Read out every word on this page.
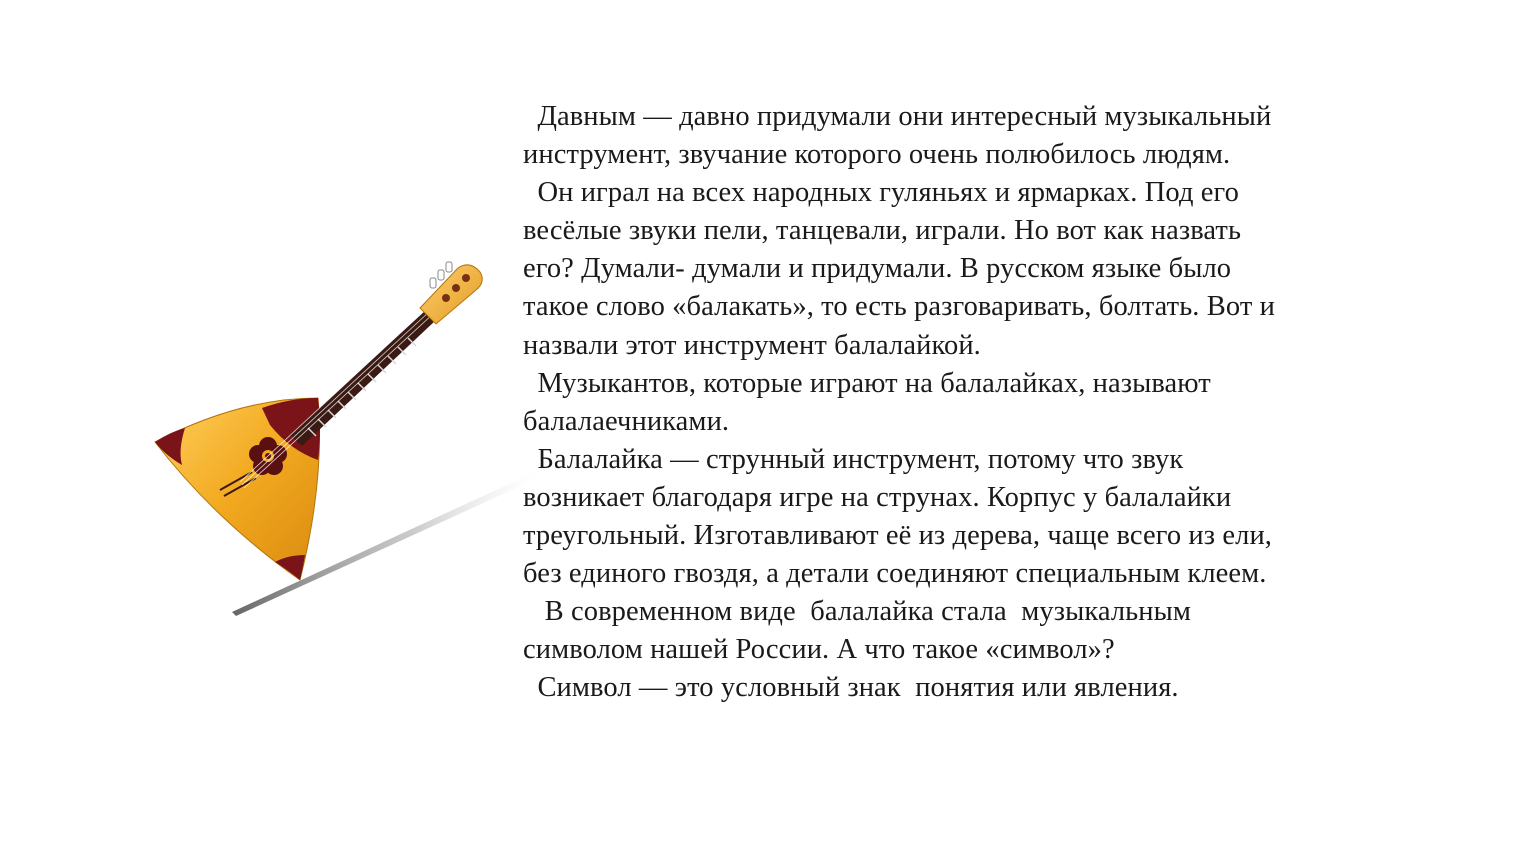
Давным — давно придумали они интересный музыкальный
инструмент, звучание которого очень полюбилось людям.
Он играл на всех народных гуляньях и ярмарках. Под его
весёлые звуки пели, танцевали, играли. Но вот как назвать
его? Думали- думали и придумали. В русском языке было
такое слово «балакать», то есть разговаривать, болтать. Вот и
назвали этот инструмент балалайкой.
Музыкантов, которые играют на балалайках, называют
балалаечниками.
Балалайка — струнный инструмент, потому что звук
возникает благодаря игре на струнах. Корпус у балалайки
треугольный. Изготавливают её из дерева, чаще всего из ели,
без единого гвоздя, а детали соединяют специальным клеем.
В современном виде  балалайка стала  музыкальным
символом нашей России. А что такое «символ»?
Символ — это условный знак  понятия или явления.
